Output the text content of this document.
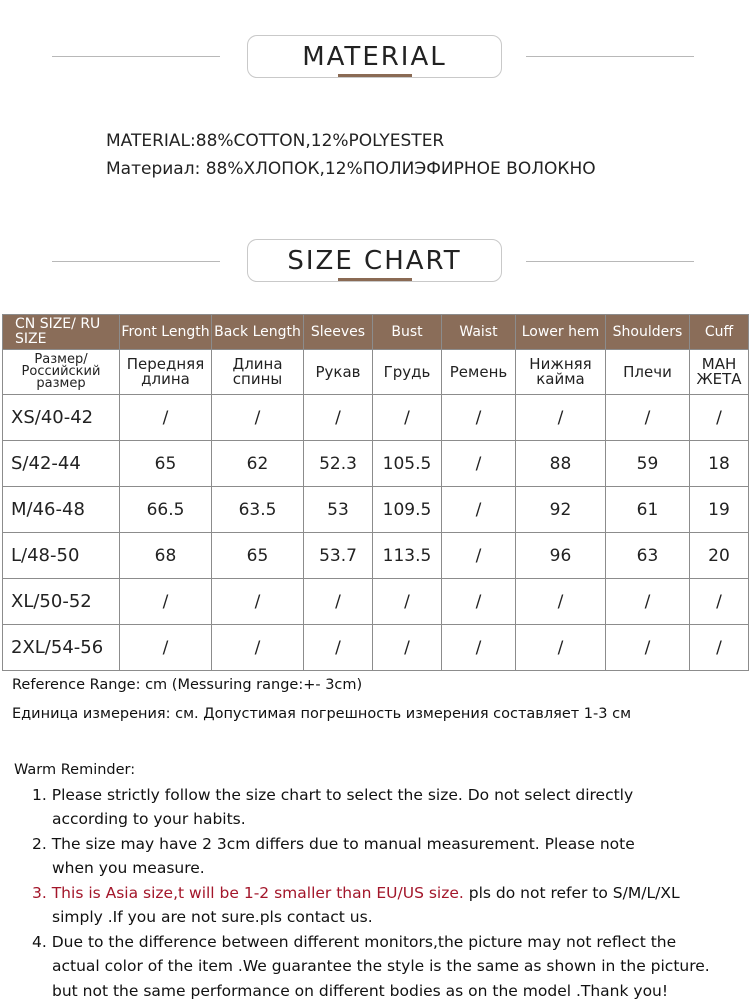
MATERIAL
MATERIAL:88%COTTON,12%POLYESTER
Материал: 88%ХЛОПОК,12%ПОЛИЭФИРНОЕ ВОЛОКНО
SIZE CHART
CN SIZE/ RU SIZE	Front Length	Back Length	Sleeves	Bust	Waist	Lower hem	Shoulders	Cuff
Размер/ Российский размер	Передняя длина	Длина спины	Рукав	Грудь	Ремень	Нижняя кайма	Плечи	МАН ЖЕТА
XS/40-42	/	/	/	/	/	/	/	/
S/42-44	65	62	52.3	105.5	/	88	59	18
M/46-48	66.5	63.5	53	109.5	/	92	61	19
L/48-50	68	65	53.7	113.5	/	96	63	20
XL/50-52	/	/	/	/	/	/	/	/
2XL/54-56	/	/	/	/	/	/	/	/
Reference Range: cm (Messuring range:+- 3cm)
Единица измерения: см. Допустимая погрешность измерения составляет 1-3 см
Warm Reminder:
1. Please strictly follow the size chart to select the size. Do not select directly
according to your habits.
2. The size may have 2 3cm differs due to manual measurement. Please note
when you measure.
3. This is Asia size,t will be 1-2 smaller than EU/US size. pls do not refer to S/M/L/XL
simply .If you are not sure.pls contact us.
4. Due to the difference between different monitors,the picture may not reflect the
actual color of the item .We guarantee the style is the same as shown in the picture.
but not the same performance on different bodies as on the model .Thank you!
